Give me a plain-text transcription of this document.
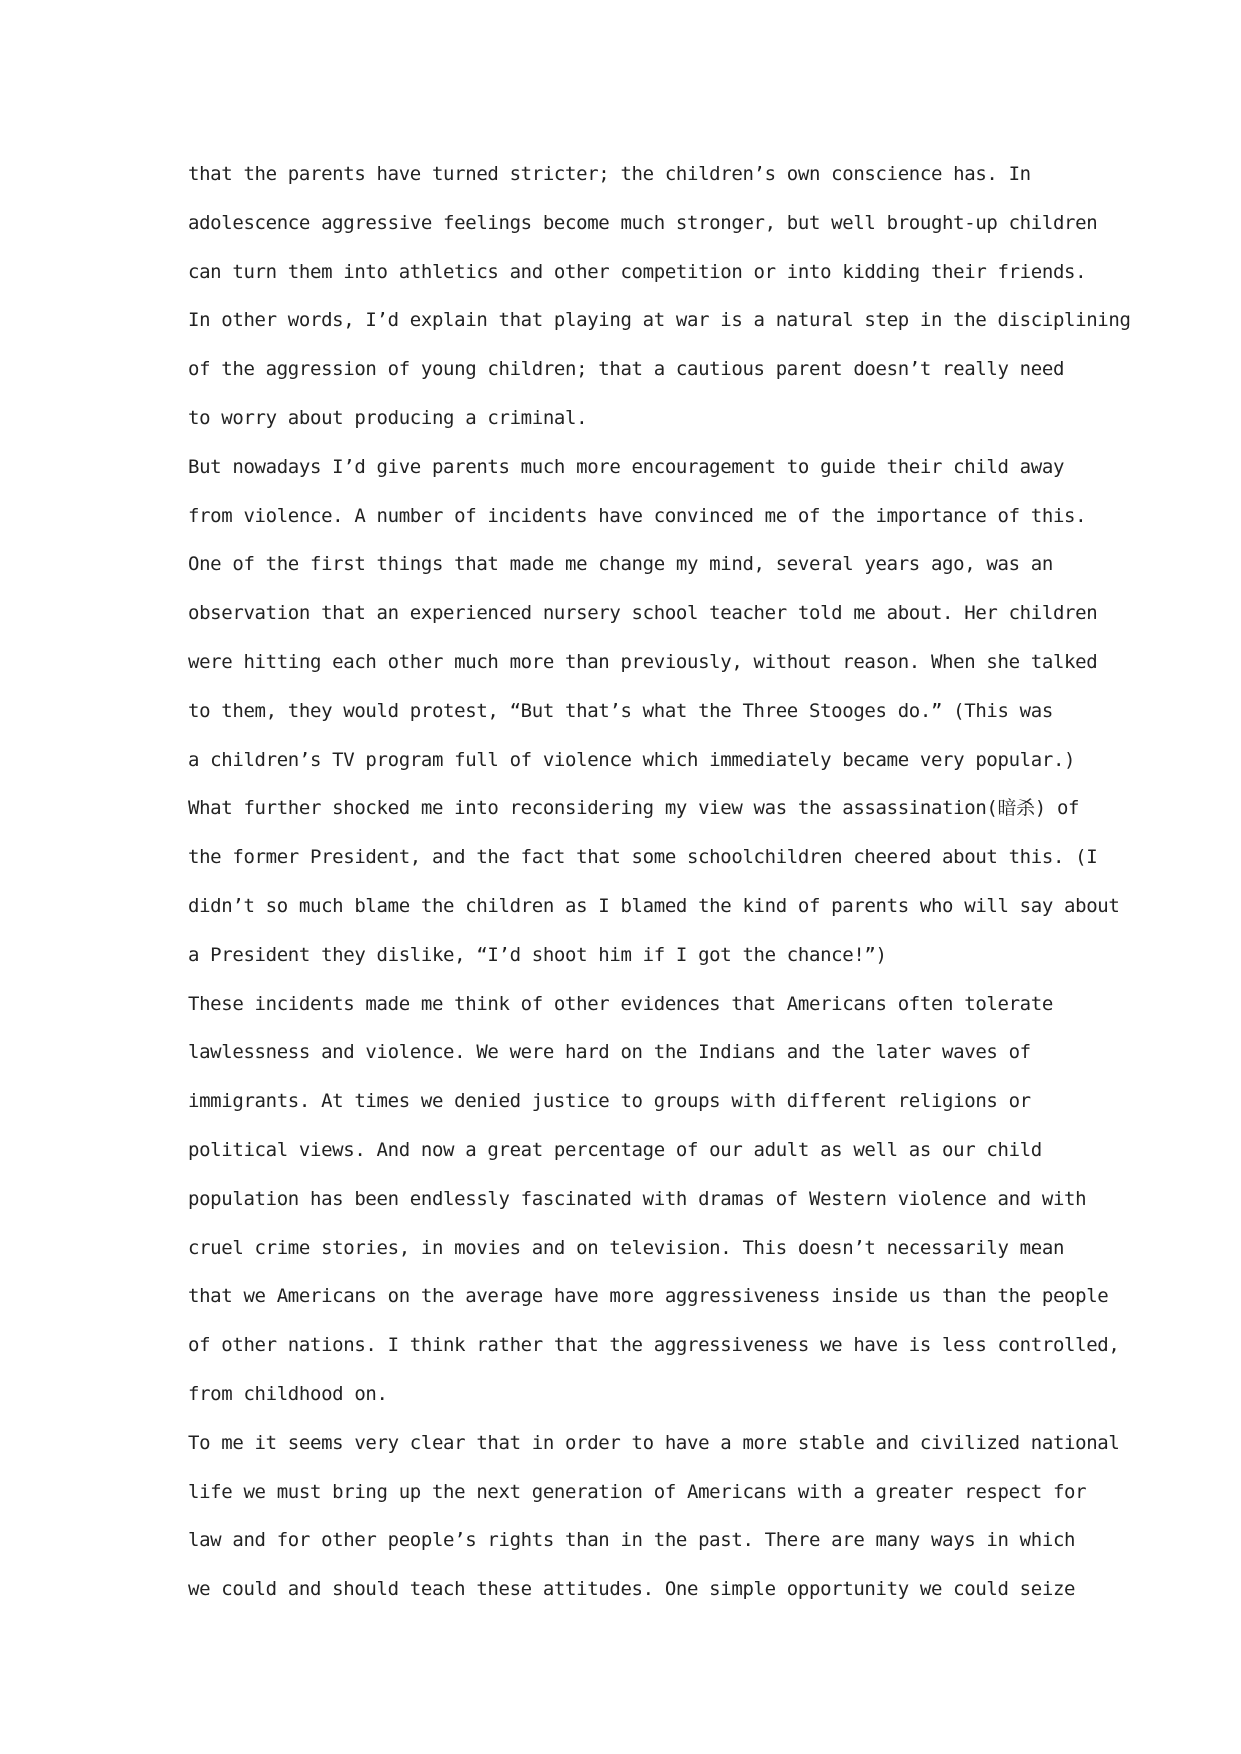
that the parents have turned stricter; the children’s own conscience has. In
adolescence aggressive feelings become much stronger, but well brought-up children
can turn them into athletics and other competition or into kidding their friends.
In other words, I’d explain that playing at war is a natural step in the disciplining
of the aggression of young children; that a cautious parent doesn’t really need
to worry about producing a criminal.
But nowadays I’d give parents much more encouragement to guide their child away
from violence. A number of incidents have convinced me of the importance of this.
One of the first things that made me change my mind, several years ago, was an
observation that an experienced nursery school teacher told me about. Her children
were hitting each other much more than previously, without reason. When she talked
to them, they would protest, “But that’s what the Three Stooges do.” (This was
a children’s TV program full of violence which immediately became very popular.)
What further shocked me into reconsidering my view was the assassination(暗杀) of
the former President, and the fact that some schoolchildren cheered about this. (I
didn’t so much blame the children as I blamed the kind of parents who will say about
a President they dislike, “I’d shoot him if I got the chance!”)
These incidents made me think of other evidences that Americans often tolerate
lawlessness and violence. We were hard on the Indians and the later waves of
immigrants. At times we denied justice to groups with different religions or
political views. And now a great percentage of our adult as well as our child
population has been endlessly fascinated with dramas of Western violence and with
cruel crime stories, in movies and on television. This doesn’t necessarily mean
that we Americans on the average have more aggressiveness inside us than the people
of other nations. I think rather that the aggressiveness we have is less controlled,
from childhood on.
To me it seems very clear that in order to have a more stable and civilized national
life we must bring up the next generation of Americans with a greater respect for
law and for other people’s rights than in the past. There are many ways in which
we could and should teach these attitudes. One simple opportunity we could seize
